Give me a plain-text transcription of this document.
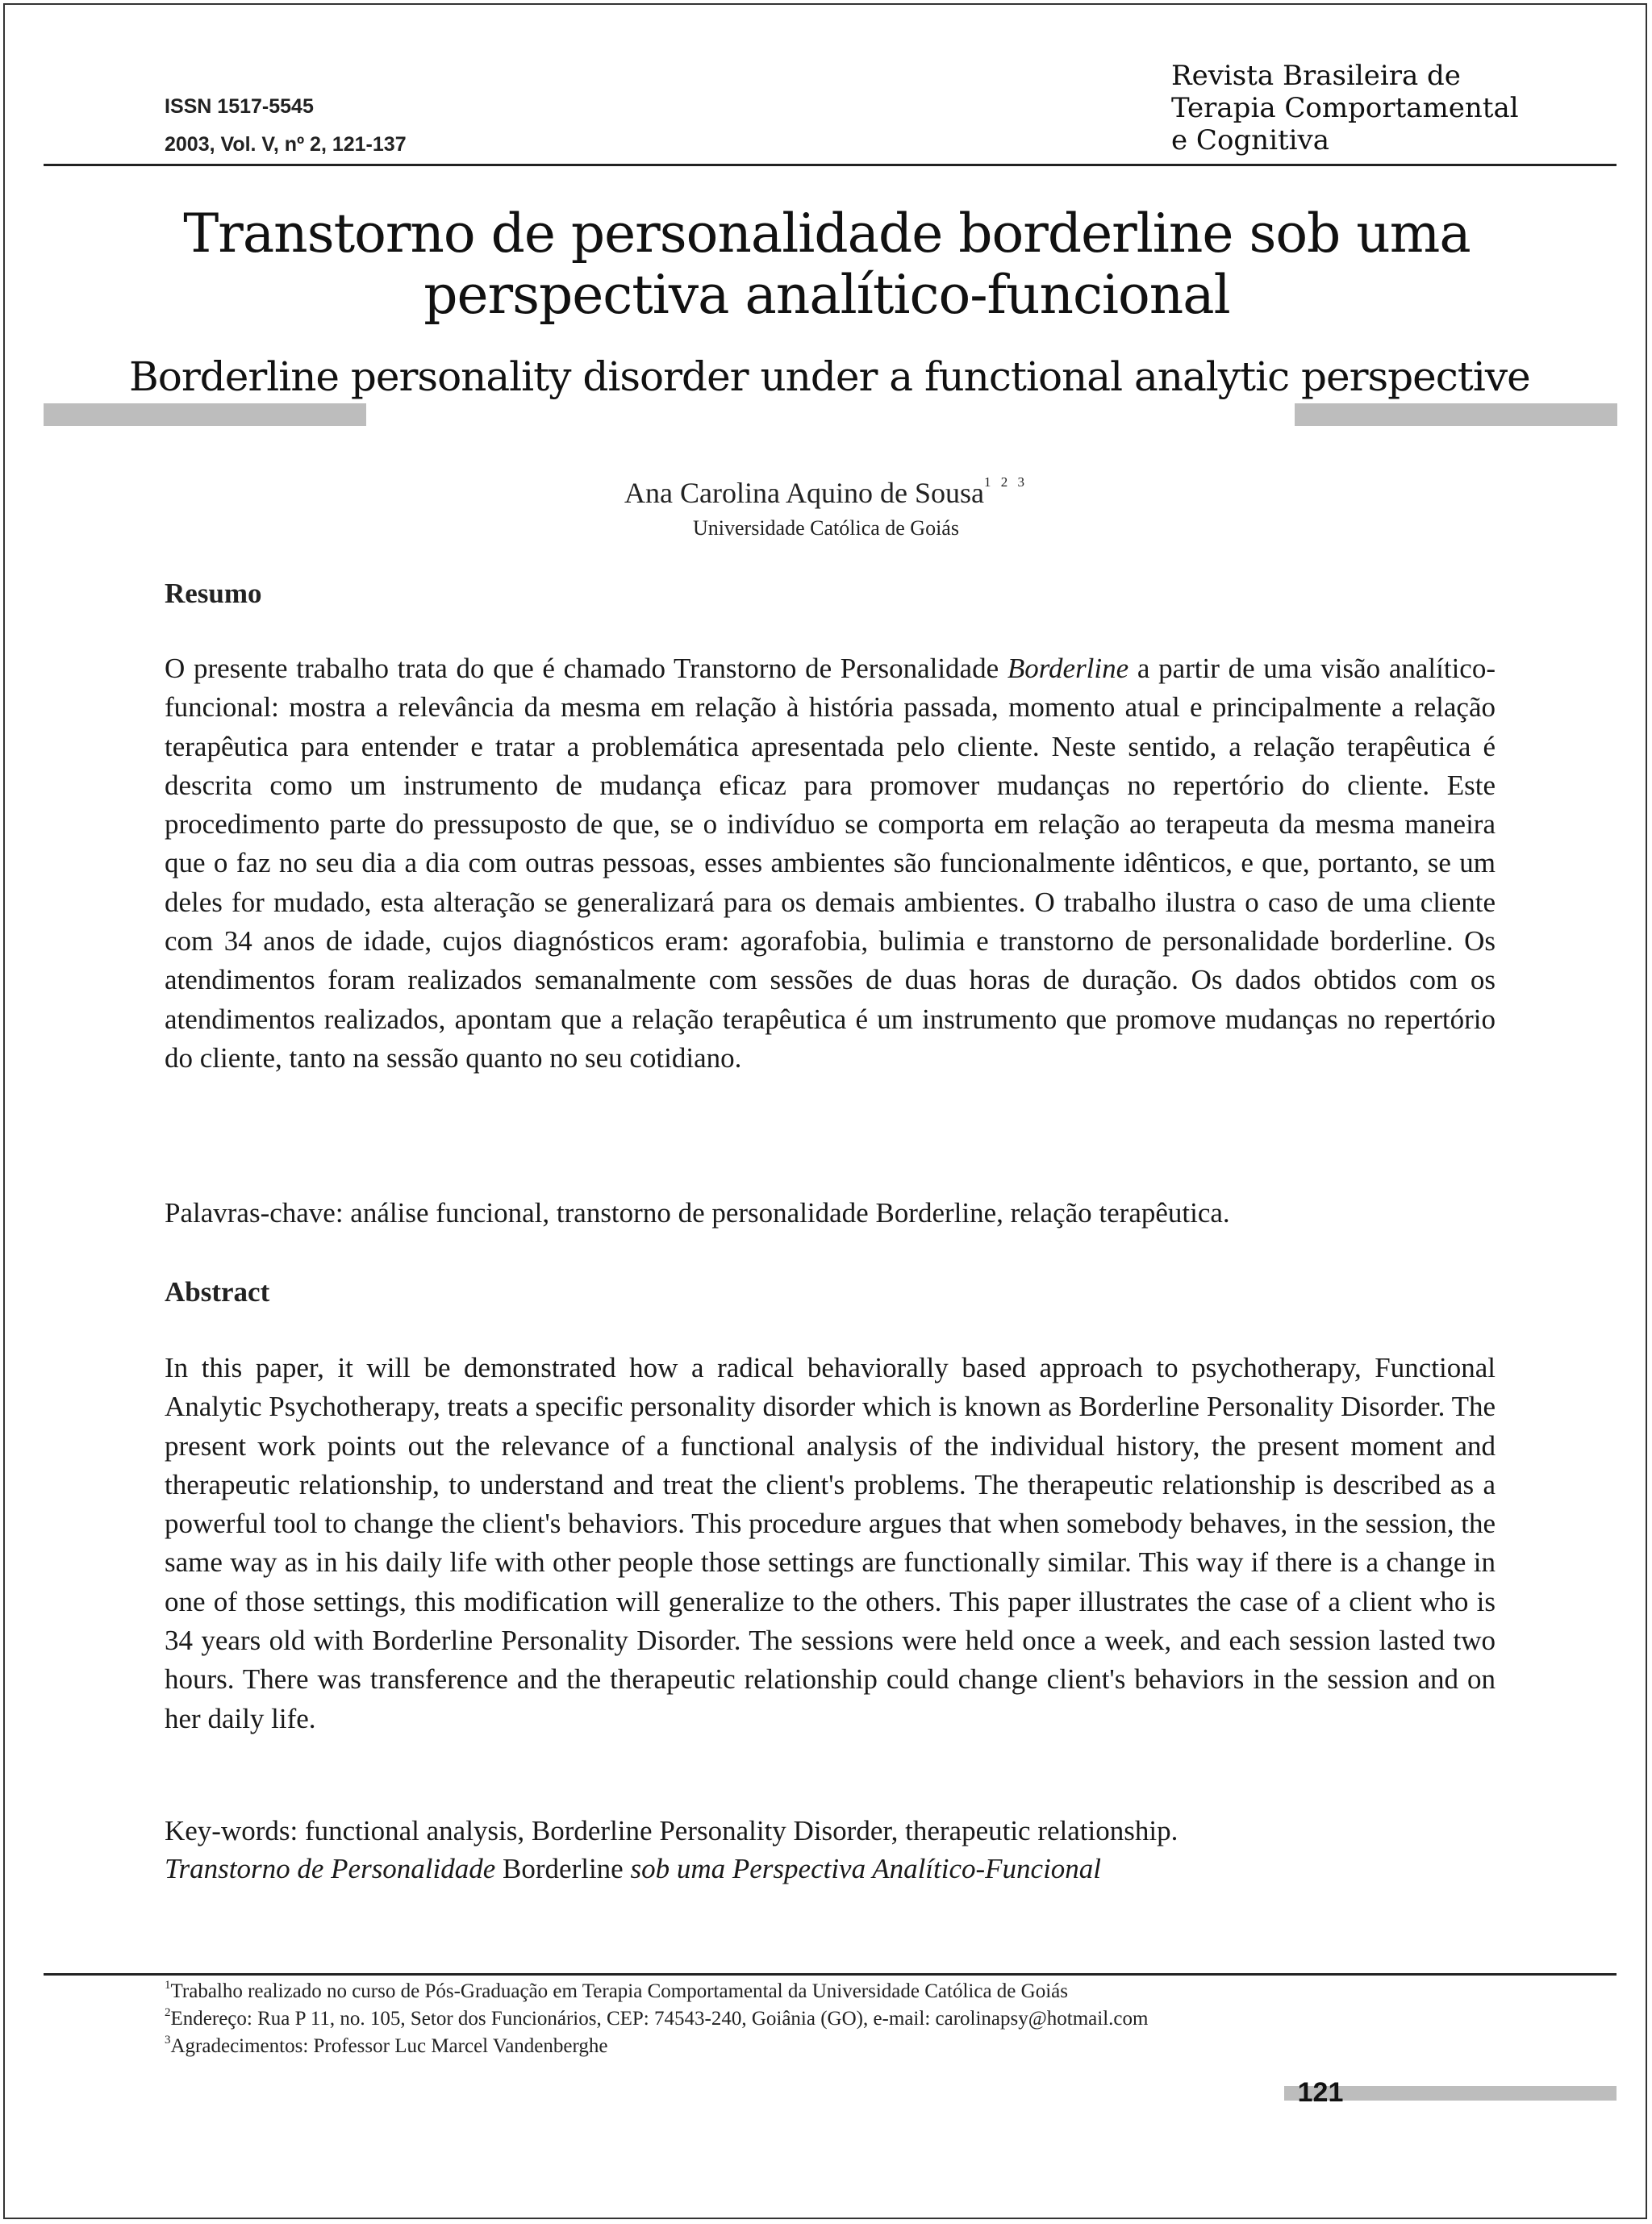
ISSN 1517-5545
2003, Vol. V, nº 2, 121-137
Revista Brasileira de
Terapia Comportamental
e Cognitiva
Transtorno de personalidade borderline sob uma
perspectiva analítico-funcional
Borderline personality disorder under a functional analytic perspective
Ana Carolina Aquino de Sousa$^{1 2 3}$
Universidade Católica de Goiás
Resumo
O presente trabalho trata do que é chamado Transtorno de Personalidade Borderline a partir de uma visão analítico-funcional: mostra a relevância da mesma em relação à história passada, momento atual e principalmente a relação terapêutica para entender e tratar a problemática apresentada pelo cliente. Neste sentido, a relação terapêutica é descrita como um instrumento de mudança eficaz para promover mudanças no repertório do cliente. Este procedimento parte do pressuposto de que, se o indivíduo se comporta em relação ao terapeuta da mesma maneira que o faz no seu dia a dia com outras pessoas, esses ambientes são funcionalmente idênticos, e que, portanto, se um deles for mudado, esta alteração se generalizará para os demais ambientes. O trabalho ilustra o caso de uma cliente com 34 anos de idade, cujos diagnósticos eram: agorafobia, bulimia e transtorno de personalidade borderline. Os atendimentos foram realizados semanalmente com sessões de duas horas de duração. Os dados obtidos com os atendimentos realizados, apontam que a relação terapêutica é um instrumento que promove mudanças no repertório do cliente, tanto na sessão quanto no seu cotidiano.
Palavras-chave: análise funcional, transtorno de personalidade Borderline, relação terapêutica.
Abstract
In this paper, it will be demonstrated how a radical behaviorally based approach to psychotherapy, Functional Analytic Psychotherapy, treats a specific personality disorder which is known as Borderline Personality Disorder. The present work points out the relevance of a functional analysis of the individual history, the present moment and therapeutic relationship, to understand and treat the client's problems. The therapeutic relationship is described as a powerful tool to change the client's behaviors. This procedure argues that when somebody behaves, in the session, the same way as in his daily life with other people those settings are functionally similar. This way if there is a change in one of those settings, this modification will generalize to the others. This paper illustrates the case of a client who is 34 years old with Borderline Personality Disorder. The sessions were held once a week, and each session lasted two hours. There was transference and the therapeutic relationship could change client's behaviors in the session and on her daily life.
Key-words: functional analysis, Borderline Personality Disorder, therapeutic relationship.
Transtorno de Personalidade Borderline sob uma Perspectiva Analítico-Funcional
$^1$Trabalho realizado no curso de Pós-Graduação em Terapia Comportamental da Universidade Católica de Goiás
$^2$Endereço: Rua P 11, no. 105, Setor dos Funcionários, CEP: 74543-240, Goiânia (GO), e-mail: carolinapsy@hotmail.com
$^3$Agradecimentos: Professor Luc Marcel Vandenberghe
121
